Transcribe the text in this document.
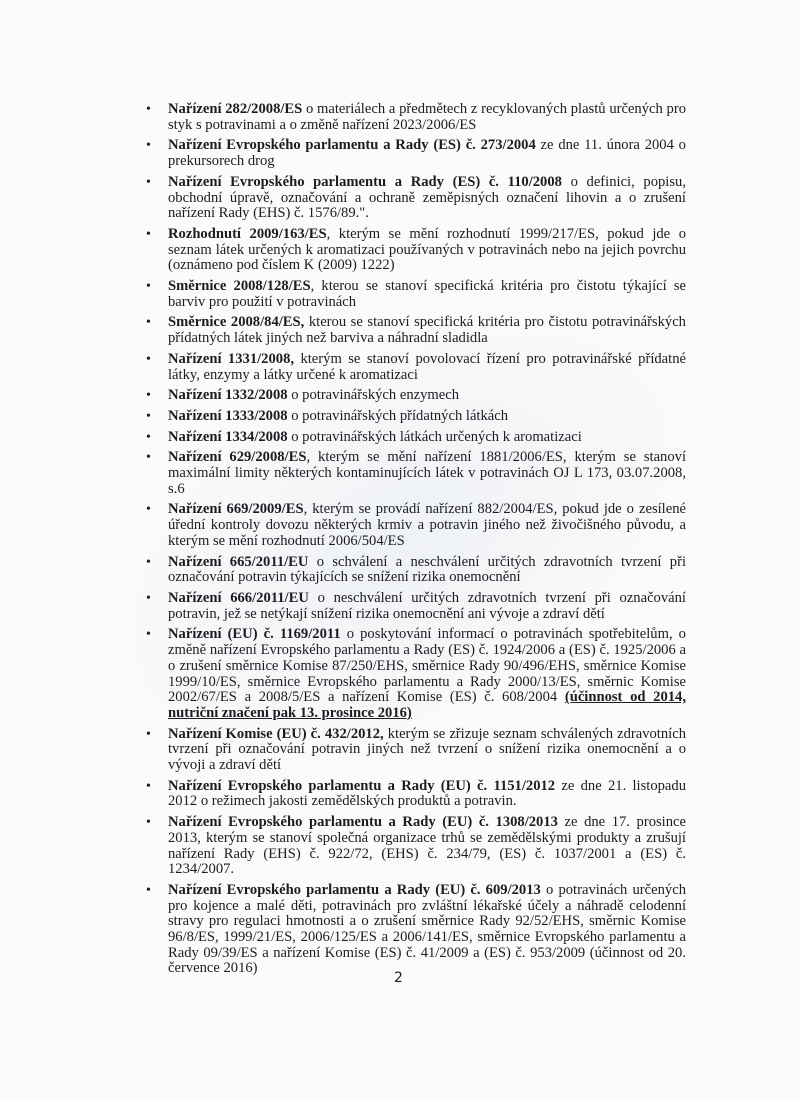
• Nařízení 282/2008/ES o materiálech a předmětech z recyklovaných plastů určených pro styk s potravinami a o změně nařízení 2023/2006/ES
• Nařízení Evropského parlamentu a Rady (ES) č. 273/2004 ze dne 11. února 2004 o prekursorech drog
• Nařízení Evropského parlamentu a Rady (ES) č. 110/2008 o definici, popisu, obchodní úpravě, označování a ochraně zeměpisných označení lihovin a o zrušení nařízení Rady (EHS) č. 1576/89.".
• Rozhodnutí 2009/163/ES, kterým se mění rozhodnutí 1999/217/ES, pokud jde o seznam látek určených k aromatizaci používaných v potravinách nebo na jejich povrchu (oznámeno pod číslem K (2009) 1222)
• Směrnice 2008/128/ES, kterou se stanoví specifická kritéria pro čistotu týkající se barviv pro použití v potravinách
• Směrnice 2008/84/ES, kterou se stanoví specifická kritéria pro čistotu potravinářských přídatných látek jiných než barviva a náhradní sladidla
• Nařízení 1331/2008, kterým se stanoví povolovací řízení pro potravinářské přídatné látky, enzymy a látky určené k aromatizaci
• Nařízení 1332/2008 o potravinářských enzymech
• Nařízení 1333/2008 o potravinářských přídatných látkách
• Nařízení 1334/2008 o potravinářských látkách určených k aromatizaci
• Nařízení 629/2008/ES, kterým se mění nařízení 1881/2006/ES, kterým se stanoví maximální limity některých kontaminujících látek v potravinách OJ L 173, 03.07.2008, s.6
• Nařízení 669/2009/ES, kterým se provádí nařízení 882/2004/ES, pokud jde o zesílené úřední kontroly dovozu některých krmiv a potravin jiného než živočišného původu, a kterým se mění rozhodnutí 2006/504/ES
• Nařízení 665/2011/EU o schválení a neschválení určitých zdravotních tvrzení při označování potravin týkajících se snížení rizika onemocnění
• Nařízení 666/2011/EU o neschválení určitých zdravotních tvrzení při označování potravin, jež se netýkají snížení rizika onemocnění ani vývoje a zdraví dětí
• Nařízení (EU) č. 1169/2011 o poskytování informací o potravinách spotřebitelům, o změně nařízení Evropského parlamentu a Rady (ES) č. 1924/2006 a (ES) č. 1925/2006 a o zrušení směrnice Komise 87/250/EHS, směrnice Rady 90/496/EHS, směrnice Komise 1999/10/ES, směrnice Evropského parlamentu a Rady 2000/13/ES, směrnic Komise 2002/67/ES a 2008/5/ES a nařízení Komise (ES) č. 608/2004 (účinnost od 2014, nutriční značení pak 13. prosince 2016)
• Nařízení Komise (EU) č. 432/2012, kterým se zřizuje seznam schválených zdravotních tvrzení při označování potravin jiných než tvrzení o snížení rizika onemocnění a o vývoji a zdraví dětí
• Nařízení Evropského parlamentu a Rady (EU) č. 1151/2012 ze dne 21. listopadu 2012 o režimech jakosti zemědělských produktů a potravin.
• Nařízení Evropského parlamentu a Rady (EU) č. 1308/2013 ze dne 17. prosince 2013, kterým se stanoví společná organizace trhů se zemědělskými produkty a zrušují nařízení Rady (EHS) č. 922/72, (EHS) č. 234/79, (ES) č. 1037/2001 a (ES) č. 1234/2007.
• Nařízení Evropského parlamentu a Rady (EU) č. 609/2013 o potravinách určených pro kojence a malé děti, potravinách pro zvláštní lékařské účely a náhradě celodenní stravy pro regulaci hmotnosti a o zrušení směrnice Rady 92/52/EHS, směrnic Komise 96/8/ES, 1999/21/ES, 2006/125/ES a 2006/141/ES, směrnice Evropského parlamentu a Rady 09/39/ES a nařízení Komise (ES) č. 41/2009 a (ES) č. 953/2009 (účinnost od 20. července 2016)
2
